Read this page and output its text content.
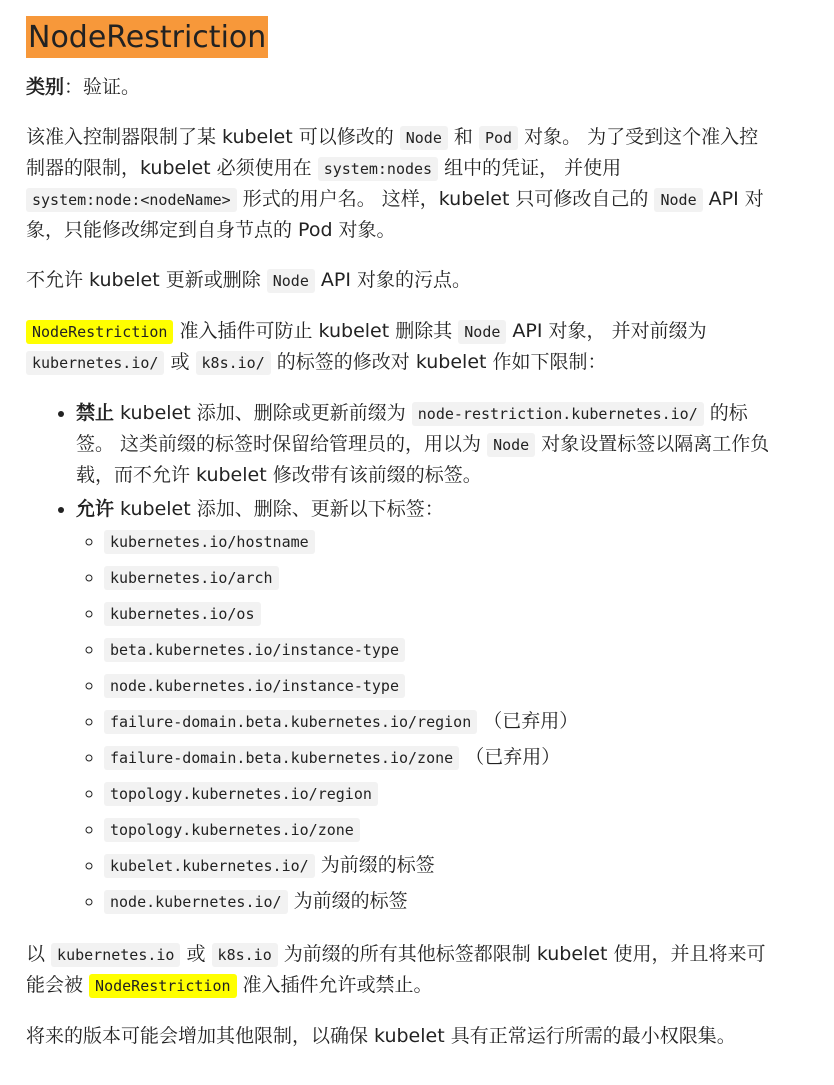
NodeRestriction

类别：验证。

该准入控制器限制了某 kubelet 可以修改的 Node 和 Pod 对象。 为了受到这个准入控制器的限制，kubelet 必须使用在 system:nodes 组中的凭证， 并使用 system:node:<nodeName> 形式的用户名。 这样，kubelet 只可修改自己的 Node API 对象，只能修改绑定到自身节点的 Pod 对象。

不允许 kubelet 更新或删除 Node API 对象的污点。

NodeRestriction 准入插件可防止 kubelet 删除其 Node API 对象， 并对前缀为 kubernetes.io/ 或 k8s.io/ 的标签的修改对 kubelet 作如下限制：

• 禁止 kubelet 添加、删除或更新前缀为 node-restriction.kubernetes.io/ 的标签。 这类前缀的标签时保留给管理员的，用以为 Node 对象设置标签以隔离工作负载，而不允许 kubelet 修改带有该前缀的标签。
• 允许 kubelet 添加、删除、更新以下标签：
◦ kubernetes.io/hostname
◦ kubernetes.io/arch
◦ kubernetes.io/os
◦ beta.kubernetes.io/instance-type
◦ node.kubernetes.io/instance-type
◦ failure-domain.beta.kubernetes.io/region （已弃用）
◦ failure-domain.beta.kubernetes.io/zone （已弃用）
◦ topology.kubernetes.io/region
◦ topology.kubernetes.io/zone
◦ kubelet.kubernetes.io/ 为前缀的标签
◦ node.kubernetes.io/ 为前缀的标签

以 kubernetes.io 或 k8s.io 为前缀的所有其他标签都限制 kubelet 使用，并且将来可能会被 NodeRestriction 准入插件允许或禁止。

将来的版本可能会增加其他限制，以确保 kubelet 具有正常运行所需的最小权限集。
